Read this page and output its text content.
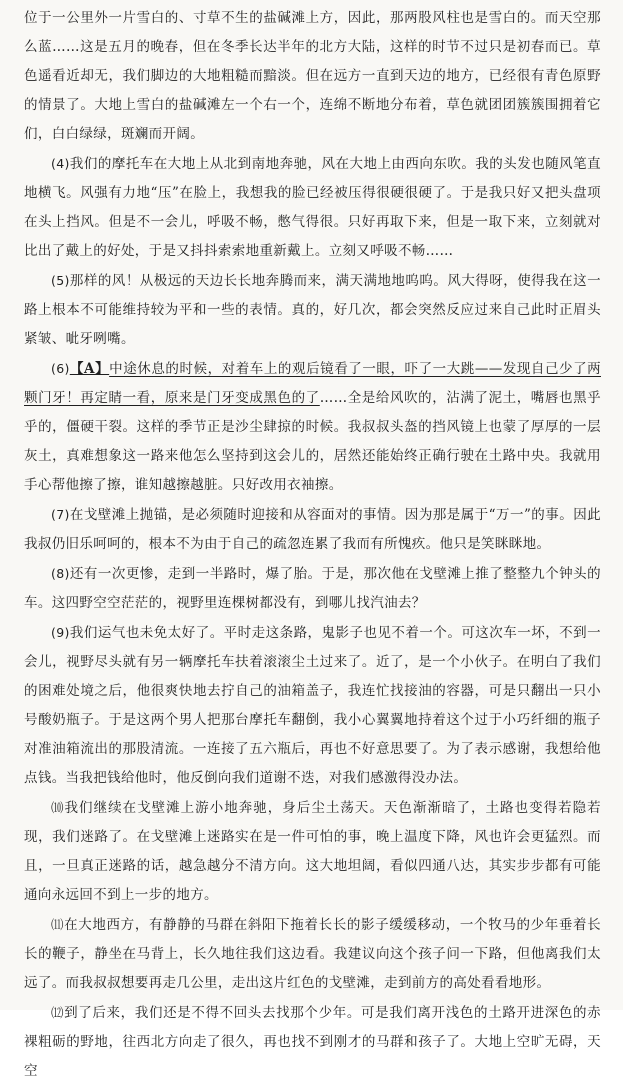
位于一公里外一片雪白的、寸草不生的盐碱滩上方，因此，那两股风柱也是雪白的。而天空那么蓝……这是五月的晚春，但在冬季长达半年的北方大陆，这样的时节不过只是初春而已。草色遥看近却无，我们脚边的大地粗糙而黯淡。但在远方一直到天边的地方，已经很有青色原野的情景了。大地上雪白的盐碱滩左一个右一个，连绵不断地分布着，草色就团团簇簇围拥着它们，白白绿绿，斑斓而开阔。

(4)我们的摩托车在大地上从北到南地奔驰，风在大地上由西向东吹。我的头发也随风笔直地横飞。风强有力地“压”在脸上，我想我的脸已经被压得很硬很硬了。于是我只好又把头盘项在头上挡风。但是不一会儿，呼吸不畅，憋气得很。只好再取下来，但是一取下来，立刻就对比出了戴上的好处，于是又抖抖索索地重新戴上。立刻又呼吸不畅……

(5)那样的风！从极远的天边长长地奔腾而来，满天满地地呜呜。风大得呀，使得我在这一路上根本不可能维持较为平和一些的表情。真的，好几次，都会突然反应过来自己此时正眉头紧皱、呲牙咧嘴。

(6)【A】中途休息的时候，对着车上的观后镜看了一眼，吓了一大跳——发现自己少了两颗门牙！再定睛一看，原来是门牙变成黑色的了……全是给风吹的，沾满了泥土，嘴唇也黑乎乎的，僵硬干裂。这样的季节正是沙尘肆掠的时候。我叔叔头盔的挡风镜上也蒙了厚厚的一层灰土，真难想象这一路来他怎么坚持到这会儿的，居然还能始终正确行驶在土路中央。我就用手心帮他擦了擦，谁知越擦越脏。只好改用衣袖擦。

(7)在戈壁滩上抛锚，是必须随时迎接和从容面对的事情。因为那是属于“万一”的事。因此我叔仍旧乐呵呵的，根本不为由于自己的疏忽连累了我而有所愧疚。他只是笑眯眯地。

(8)还有一次更惨，走到一半路时，爆了胎。于是，那次他在戈壁滩上推了整整九个钟头的车。这四野空空茫茫的，视野里连棵树都没有，到哪儿找汽油去？

(9)我们运气也未免太好了。平时走这条路，鬼影子也见不着一个。可这次车一坏，不到一会儿，视野尽头就有另一辆摩托车扶着滚滚尘土过来了。近了，是一个小伙子。在明白了我们的困难处境之后，他很爽快地去拧自己的油箱盖子，我连忙找接油的容器，可是只翻出一只小号酸奶瓶子。于是这两个男人把那台摩托车翻倒，我小心翼翼地持着这个过于小巧纤细的瓶子对准油箱流出的那股清流。一连接了五六瓶后，再也不好意思要了。为了表示感谢，我想给他点钱。当我把钱给他时，他反倒向我们道谢不迭，对我们感激得没办法。

⑽我们继续在戈壁滩上游小地奔驰，身后尘土荡天。天色渐渐暗了，土路也变得若隐若现，我们迷路了。在戈壁滩上迷路实在是一件可怕的事，晚上温度下降，风也许会更猛烈。而且，一旦真正迷路的话，越急越分不清方向。这大地坦阔，看似四通八达，其实步步都有可能通向永远回不到上一步的地方。

⑾在大地西方，有静静的马群在斜阳下拖着长长的影子缓缓移动，一个牧马的少年垂着长长的鞭子，静坐在马背上，长久地往我们这边看。我建议向这个孩子问一下路，但他离我们太远了。而我叔叔想要再走几公里，走出这片红色的戈壁滩，走到前方的高处看看地形。

⑿到了后来，我们还是不得不回头去找那个少年。可是我们离开浅色的土路开进深色的赤裸粗砺的野地，往西北方向走了很久，再也找不到刚才的马群和孩子了。大地上空旷无碍，天空
